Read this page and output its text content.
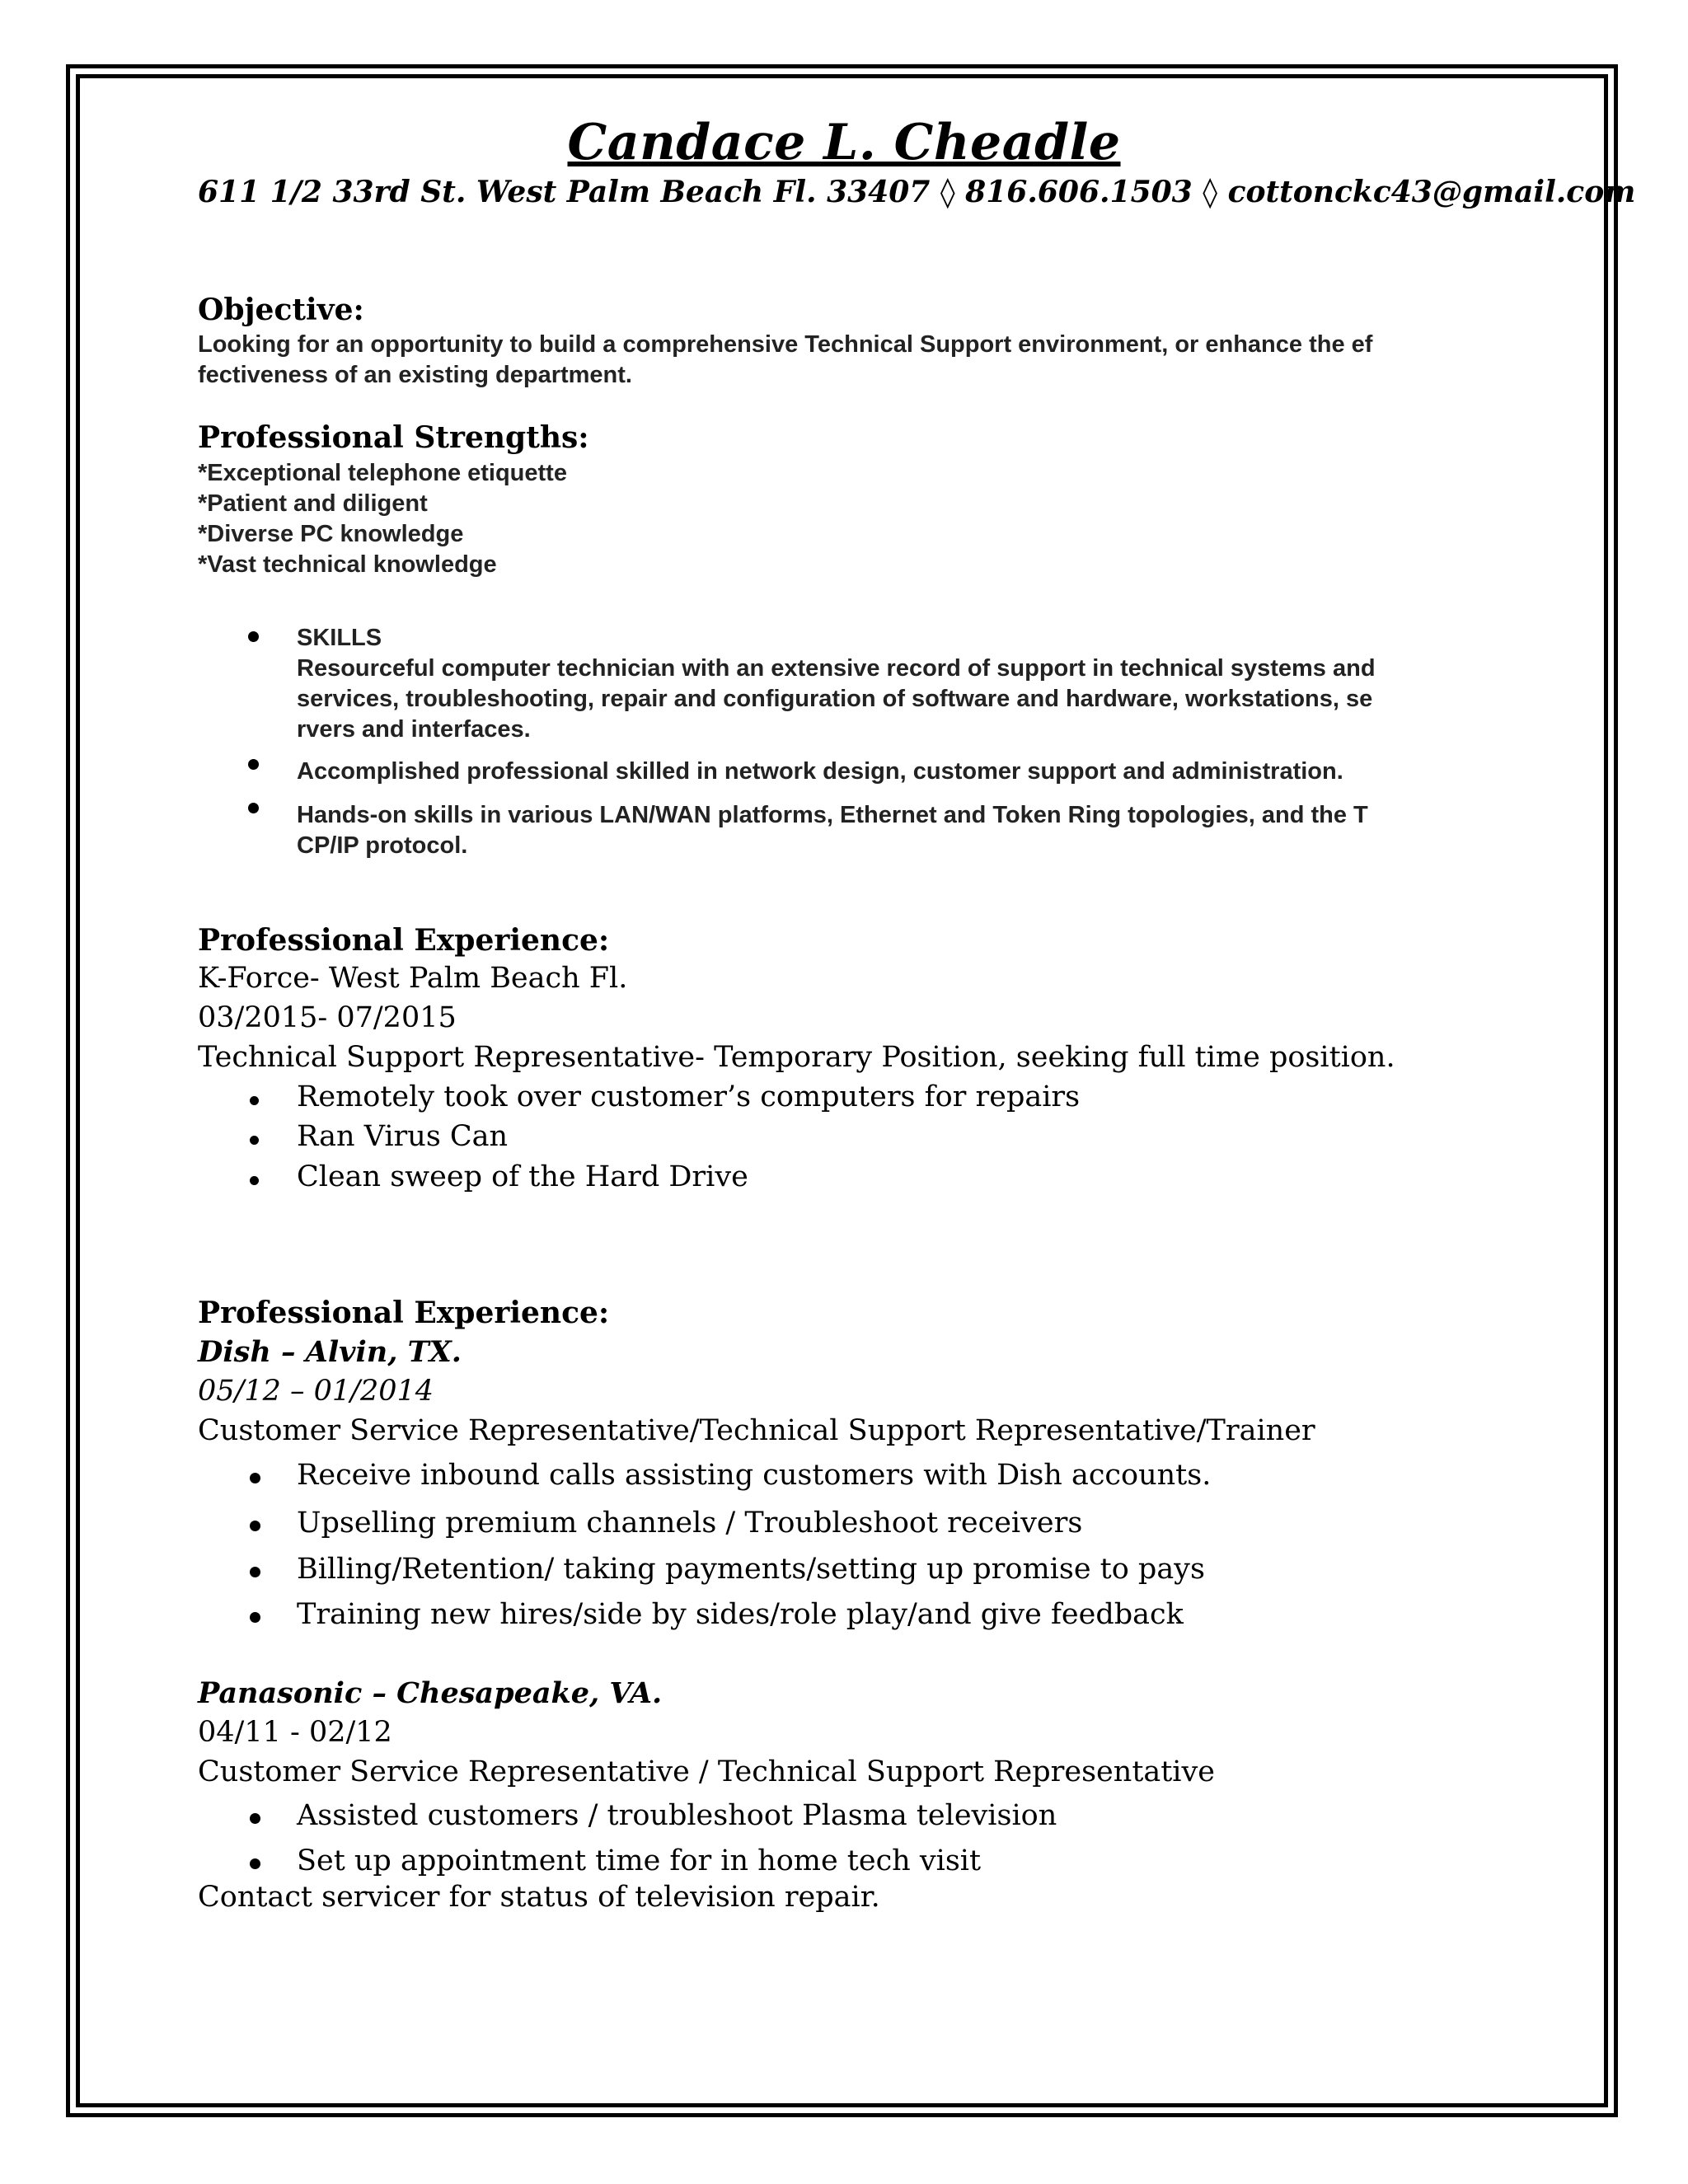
Candace L. Cheadle
611 1/2 33rd St. West Palm Beach Fl. 33407 ◊ 816.606.1503 ◊ cottonckc43@gmail.com
Objective:
Looking for an opportunity to build a comprehensive Technical Support environment, or enhance the ef
fectiveness of an existing department.
Professional Strengths:
*Exceptional telephone etiquette
*Patient and diligent
*Diverse PC knowledge
*Vast technical knowledge
SKILLS
Resourceful computer technician with an extensive record of support in technical systems and
services, troubleshooting, repair and configuration of software and hardware, workstations, se
rvers and interfaces.
Accomplished professional skilled in network design, customer support and administration.
Hands-on skills in various LAN/WAN platforms, Ethernet and Token Ring topologies, and the T
CP/IP protocol.
Professional Experience:
K-Force- West Palm Beach Fl.
03/2015- 07/2015
Technical Support Representative- Temporary Position, seeking full time position.
Remotely took over customer’s computers for repairs
Ran Virus Can
Clean sweep of the Hard Drive
Professional Experience:
Dish – Alvin, TX.
05/12 – 01/2014
Customer Service Representative/Technical Support Representative/Trainer
Receive inbound calls assisting customers with Dish accounts.
Upselling premium channels / Troubleshoot receivers
Billing/Retention/ taking payments/setting up promise to pays
Training new hires/side by sides/role play/and give feedback
Panasonic – Chesapeake, VA.
04/11 - 02/12
Customer Service Representative / Technical Support Representative
Assisted customers / troubleshoot Plasma television
Set up appointment time for in home tech visit
Contact servicer for status of television repair.
